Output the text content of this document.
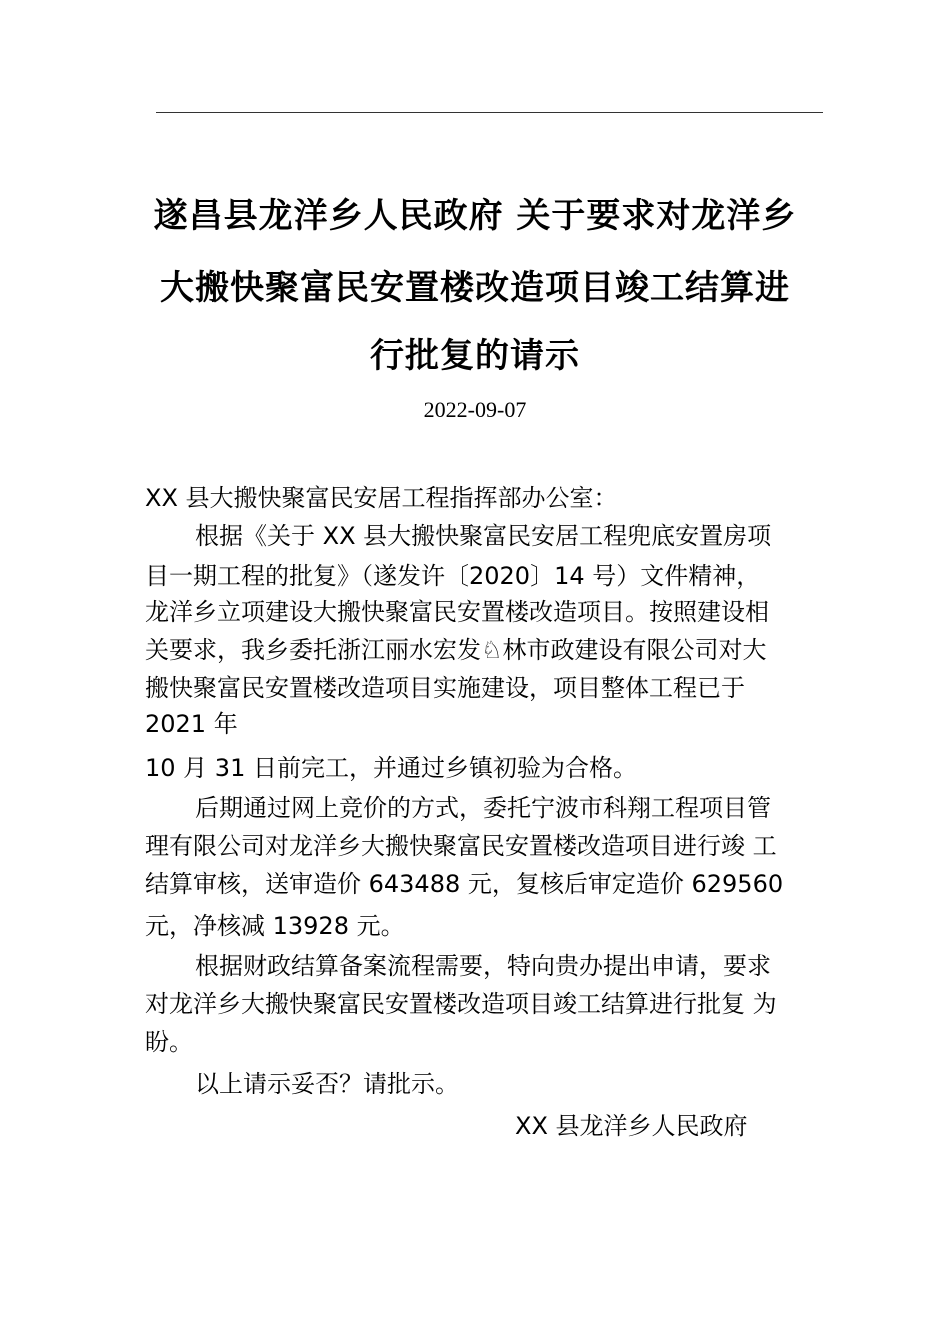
遂昌县龙洋乡人民政府 关于要求对龙洋乡
大搬快聚富民安置楼改造项目竣工结算进
行批复的请示
2022-09-07
XX 县大搬快聚富民安居工程指挥部办公室：
根据《关于 XX 县大搬快聚富民安居工程兜底安置房项
目一期工程的批复》（遂发许〔2020〕14 号）文件精神，
龙洋乡立项建设大搬快聚富民安置楼改造项目。按照建设相
关要求，我乡委托浙江丽水宏发♘林市政建设有限公司对大
搬快聚富民安置楼改造项目实施建设，项目整体工程已于
2021 年
10 月 31 日前完工，并通过乡镇初验为合格。
后期通过网上竞价的方式，委托宁波市科翔工程项目管
理有限公司对龙洋乡大搬快聚富民安置楼改造项目进行竣 工
结算审核，送审造价 643488 元，复核后审定造价 629560
元，净核减 13928 元。
根据财政结算备案流程需要，特向贵办提出申请，要求
对龙洋乡大搬快聚富民安置楼改造项目竣工结算进行批复 为
盼。
以上请示妥否？请批示。
XX 县龙洋乡人民政府
